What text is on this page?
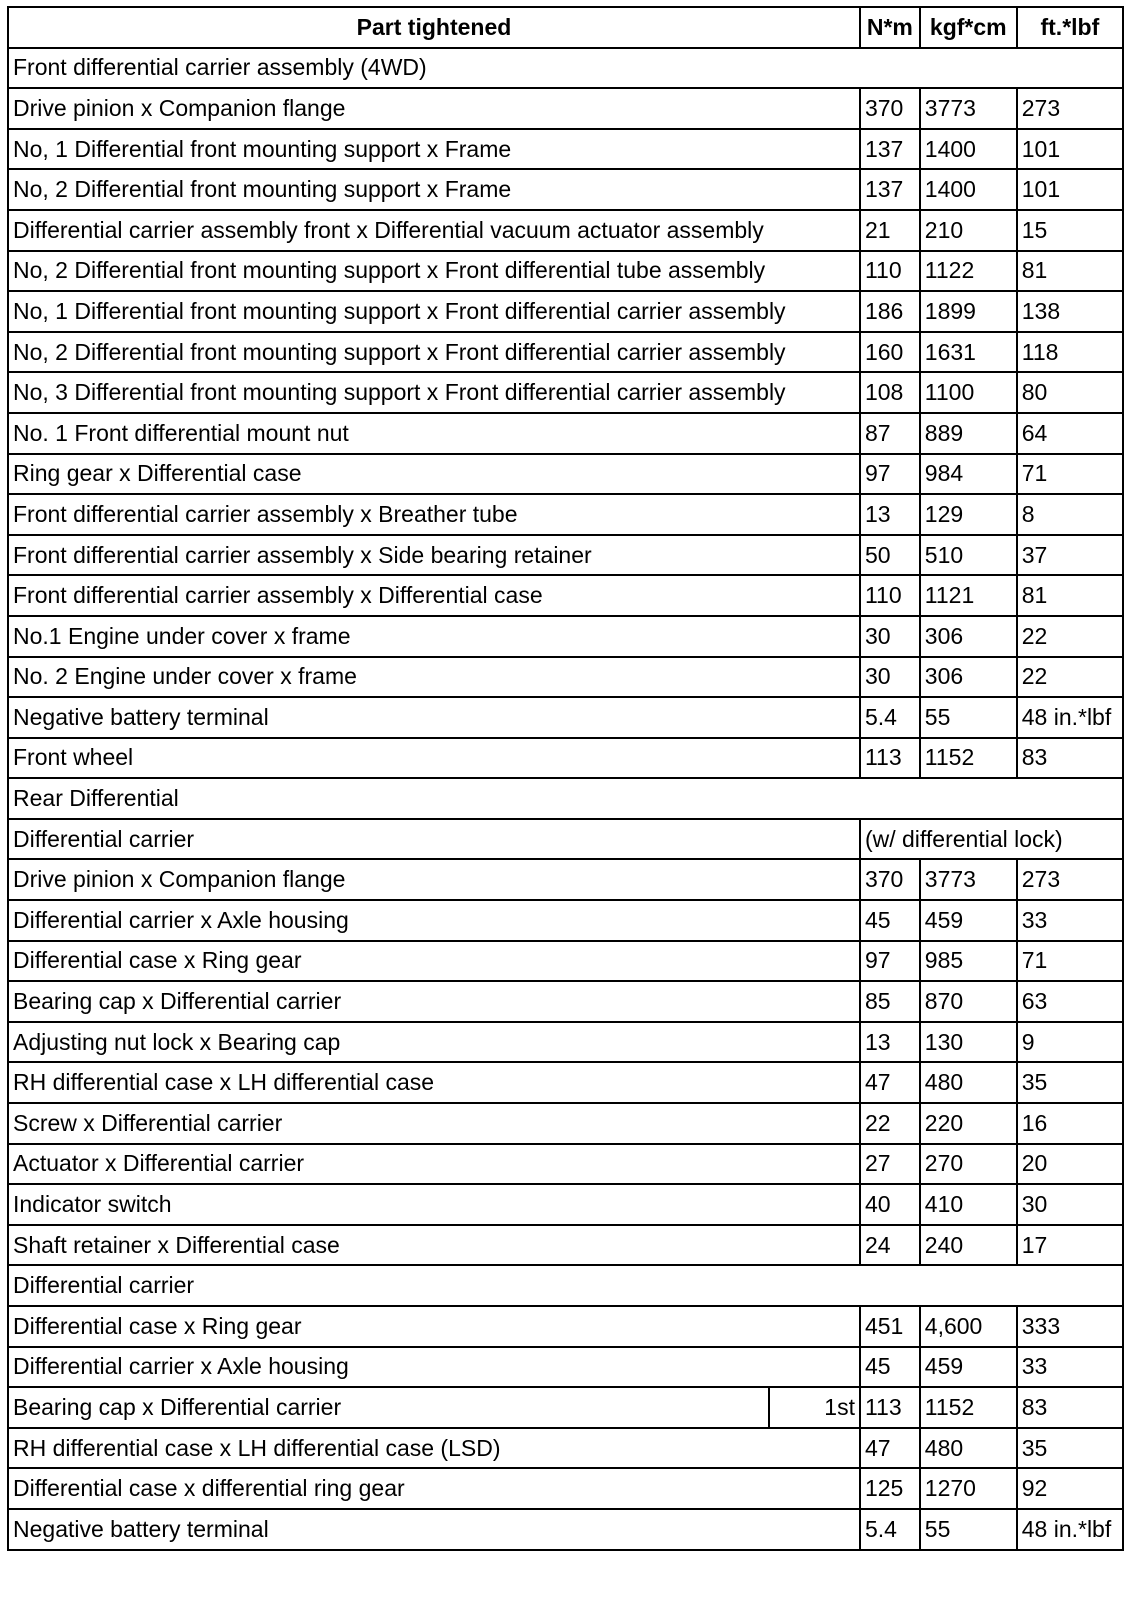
Part tightened		N*m	kgf*cm	ft.*lbf
Front differential carrier assembly (4WD)				
Drive pinion x Companion flange		370	3773	273
No, 1 Differential front mounting support x Frame		137	1400	101
No, 2 Differential front mounting support x Frame		137	1400	101
Differential carrier assembly front x Differential vacuum actuator assembly		21	210	15
No, 2 Differential front mounting support x Front differential tube assembly		110	1122	81
No, 1 Differential front mounting support x Front differential carrier assembly		186	1899	138
No, 2 Differential front mounting support x Front differential carrier assembly		160	1631	118
No, 3 Differential front mounting support x Front differential carrier assembly		108	1100	80
No. 1 Front differential mount nut		87	889	64
Ring gear x Differential case		97	984	71
Front differential carrier assembly x Breather tube		13	129	8
Front differential carrier assembly x Side bearing retainer		50	510	37
Front differential carrier assembly x Differential case		110	1121	81
No.1 Engine under cover x frame		30	306	22
No. 2 Engine under cover x frame		30	306	22
Negative battery terminal		5.4	55	48 in.*lbf
Front wheel		113	1152	83
Rear Differential				
Differential carrier		(w/ differential lock)		
Drive pinion x Companion flange		370	3773	273
Differential carrier x Axle housing		45	459	33
Differential case x Ring gear		97	985	71
Bearing cap x Differential carrier		85	870	63
Adjusting nut lock x Bearing cap		13	130	9
RH differential case x LH differential case		47	480	35
Screw x Differential carrier		22	220	16
Actuator x Differential carrier		27	270	20
Indicator switch		40	410	30
Shaft retainer x Differential case		24	240	17
Differential carrier				
Differential case x Ring gear		451	4,600	333
Differential carrier x Axle housing		45	459	33
Bearing cap x Differential carrier	1st	113	1152	83
RH differential case x LH differential case (LSD)		47	480	35
Differential case x differential ring gear		125	1270	92
Negative battery terminal		5.4	55	48 in.*lbf
